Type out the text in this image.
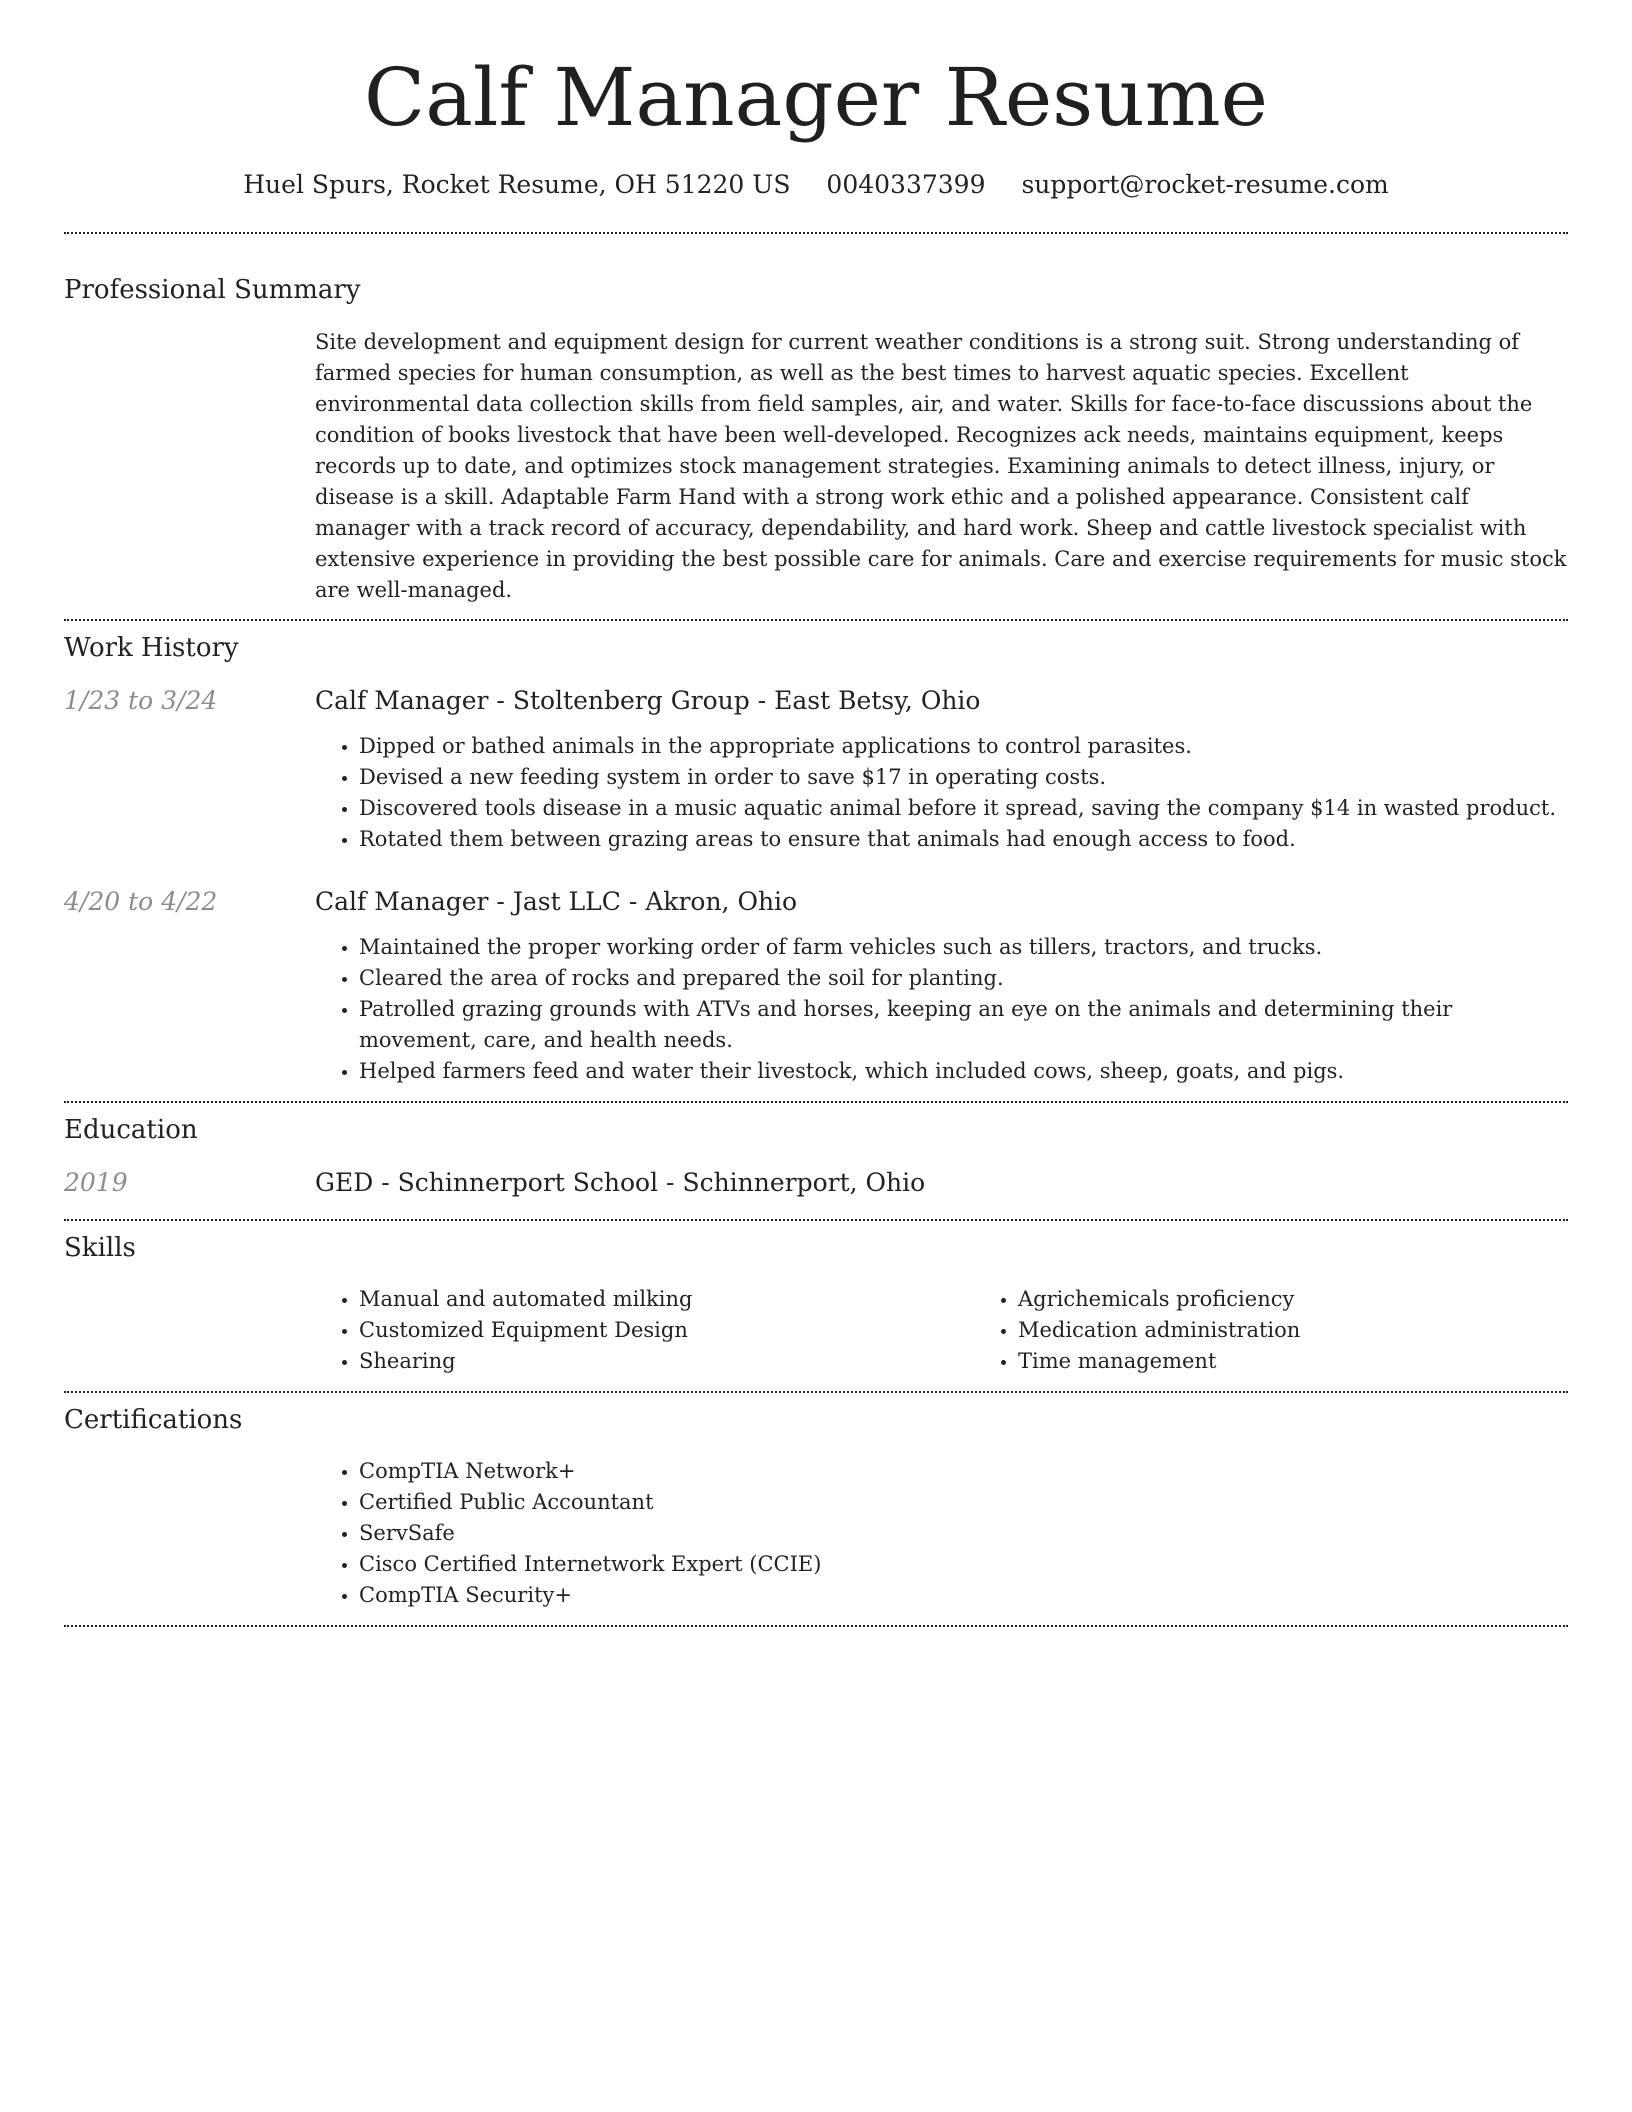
Calf Manager Resume
Huel Spurs, Rocket Resume, OH 51220 US 0040337399 support@rocket-resume.com
Professional Summary
Site development and equipment design for current weather conditions is a strong suit. Strong understanding of farmed species for human consumption, as well as the best times to harvest aquatic species. Excellent environmental data collection skills from field samples, air, and water. Skills for face-to-face discussions about the condition of books livestock that have been well-developed. Recognizes ack needs, maintains equipment, keeps records up to date, and optimizes stock management strategies. Examining animals to detect illness, injury, or disease is a skill. Adaptable Farm Hand with a strong work ethic and a polished appearance. Consistent calf manager with a track record of accuracy, dependability, and hard work. Sheep and cattle livestock specialist with extensive experience in providing the best possible care for animals. Care and exercise requirements for music stock are well-managed.
Work History
1/23 to 3/24	Calf Manager - Stoltenberg Group - East Betsy, Ohio
• Dipped or bathed animals in the appropriate applications to control parasites.
• Devised a new feeding system in order to save $17 in operating costs.
• Discovered tools disease in a music aquatic animal before it spread, saving the company $14 in wasted product.
• Rotated them between grazing areas to ensure that animals had enough access to food.
4/20 to 4/22	Calf Manager - Jast LLC - Akron, Ohio
• Maintained the proper working order of farm vehicles such as tillers, tractors, and trucks.
• Cleared the area of rocks and prepared the soil for planting.
• Patrolled grazing grounds with ATVs and horses, keeping an eye on the animals and determining their movement, care, and health needs.
• Helped farmers feed and water their livestock, which included cows, sheep, goats, and pigs.
Education
2019	GED - Schinnerport School - Schinnerport, Ohio
Skills
• Manual and automated milking
• Customized Equipment Design
• Shearing
• Agrichemicals proficiency
• Medication administration
• Time management
Certifications
• CompTIA Network+
• Certified Public Accountant
• ServSafe
• Cisco Certified Internetwork Expert (CCIE)
• CompTIA Security+
